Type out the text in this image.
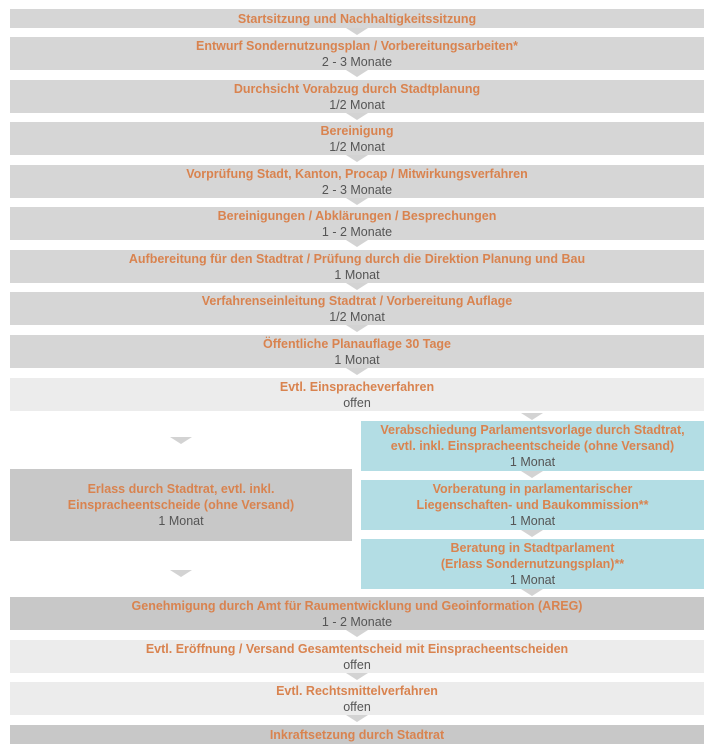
Startsitzung und Nachhaltigkeitssitzung
Entwurf Sondernutzungsplan / Vorbereitungsarbeiten*
2 - 3 Monate
Durchsicht Vorabzug durch Stadtplanung
1/2 Monat
Bereinigung
1/2 Monat
Vorprüfung Stadt, Kanton, Procap / Mitwirkungsverfahren
2 - 3 Monate
Bereinigungen / Abklärungen / Besprechungen
1 - 2 Monate
Aufbereitung für den Stadtrat / Prüfung durch die Direktion Planung und Bau
1 Monat
Verfahrenseinleitung Stadtrat / Vorbereitung Auflage
1/2 Monat
Öffentliche Planauflage 30 Tage
1 Monat
Evtl. Einspracheverfahren
offen
Erlass durch Stadtrat, evtl. inkl.
Einspracheentscheide (ohne Versand)
1 Monat
Verabschiedung Parlamentsvorlage durch Stadtrat,
evtl. inkl. Einspracheentscheide (ohne Versand)
1 Monat
Vorberatung in parlamentarischer
Liegenschaften- und Baukommission**
1 Monat
Beratung in Stadtparlament
(Erlass Sondernutzungsplan)**
1 Monat
Genehmigung durch Amt für Raumentwicklung und Geoinformation (AREG)
1 - 2 Monate
Evtl. Eröffnung / Versand Gesamtentscheid mit Einspracheentscheiden
offen
Evtl. Rechtsmittelverfahren
offen
Inkraftsetzung durch Stadtrat
